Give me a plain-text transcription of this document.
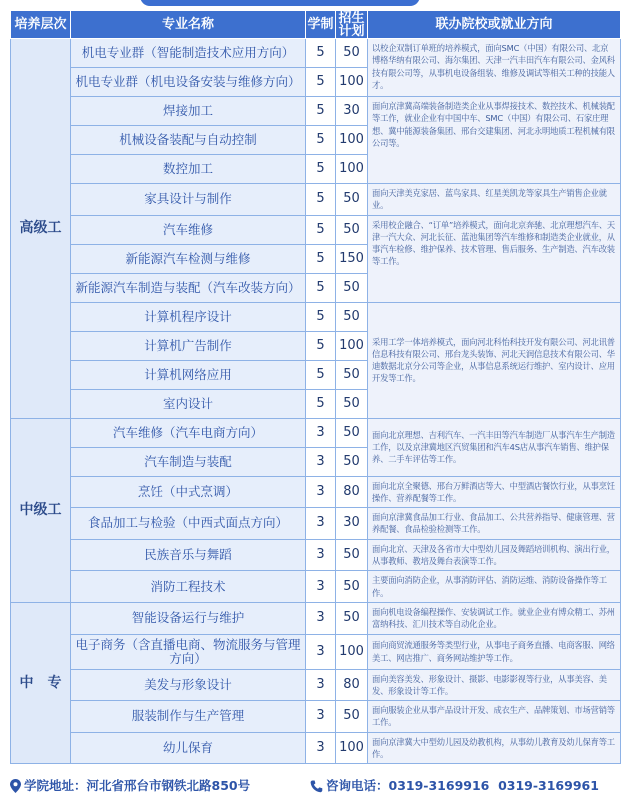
培养层次	专业名称	学制	招生计划	联办院校或就业方向
高级工	机电专业群（智能制造技术应用方向）	5	50	以校企双制订单班的培养模式，面向SMC（中国）有限公司、北京博格华纳有限公司、海尔集团、天津一汽丰田汽车有限公司、金风科技有限公司等，从事机电设备组装、维修及调试等相关工种的技能人才。
	机电专业群（机电设备安装与维修方向）	5	100	
	焊接加工	5	30	面向京津冀高端装备制造类企业从事焊接技术、数控技术、机械装配等工作，就业企业有中国中车、SMC（中国）有限公司、石家庄理想、冀中能源装备集团、邢台交建集团、河北永明地质工程机械有限公司等。
	机械设备装配与自动控制	5	100	
	数控加工	5	100	
	家具设计与制作	5	50	面向天津美克家居、蓝鸟家具、红星美凯龙等家具生产销售企业就业。
	汽车维修	5	50	采用校企融合、“订单”培养模式，面向北京奔驰、北京理想汽车、天津一汽大众、河北长征、蓝池集团等汽车维修和制造类企业就业，从事汽车检修、维护保养、技术管理、售后服务、生产制造、汽车改装等工作。
	新能源汽车检测与维修	5	150	
	新能源汽车制造与装配（汽车改装方向）	5	50	
	计算机程序设计	5	50	采用工学一体培养模式，面向河北科怡科技开发有限公司、河北讯普信息科技有限公司、邢台龙头装饰、河北天润信息技术有限公司、华迪数据北京分公司等企业，从事信息系统运行维护、室内设计、应用开发等工作。
	计算机广告制作	5	100	
	计算机网络应用	5	50	
	室内设计	5	50	
中级工	汽车维修（汽车电商方向）	3	50	面向北京理想、吉利汽车、一汽丰田等汽车制造厂从事汽车生产制造工作，以及京津冀地区汽贸集团和汽车4S店从事汽车销售、维护保养、二手车评估等工作。
	汽车制造与装配	3	50	
	烹饪（中式烹调）	3	80	面向北京全聚德、邢台万鲜酒店等大、中型酒店餐饮行业，从事烹饪操作、营养配餐等工作。
	食品加工与检验（中西式面点方向）	3	30	面向京津冀食品加工行业、食品加工、公共营养指导、健康管理、营养配餐、食品检验检测等工作。
	民族音乐与舞蹈	3	50	面向北京、天津及各省市大中型幼儿园及舞蹈培训机构、演出行业，从事教师、教培及舞台表演等工作。
	消防工程技术	3	50	主要面向消防企业，从事消防评估、消防运维、消防设备操作等工作。
中　专	智能设备运行与维护	3	50	面向机电设备编程操作、安装调试工作。就业企业有博众精工、苏州富纳科技、汇川技术等自动化企业。
	电子商务（含直播电商、物流服务与管理方向）	3	100	面向商贸流通服务等类型行业，从事电子商务直播、电商客服、网络美工、网店推广、商务网站维护等工作。
	美发与形象设计	3	80	面向美容美发、形象设计、摄影、电影影视等行业，从事美容、美发、形象设计等工作。
	服装制作与生产管理	3	50	面向服装企业从事产品设计开发、成衣生产、品牌策划、市场营销等工作。
	幼儿保育	3	100	面向京津冀大中型幼儿园及幼教机构，从事幼儿教育及幼儿保育等工作。
学院地址：河北省邢台市钢铁北路850号	咨询电话：0319-3169916  0319-3169961
